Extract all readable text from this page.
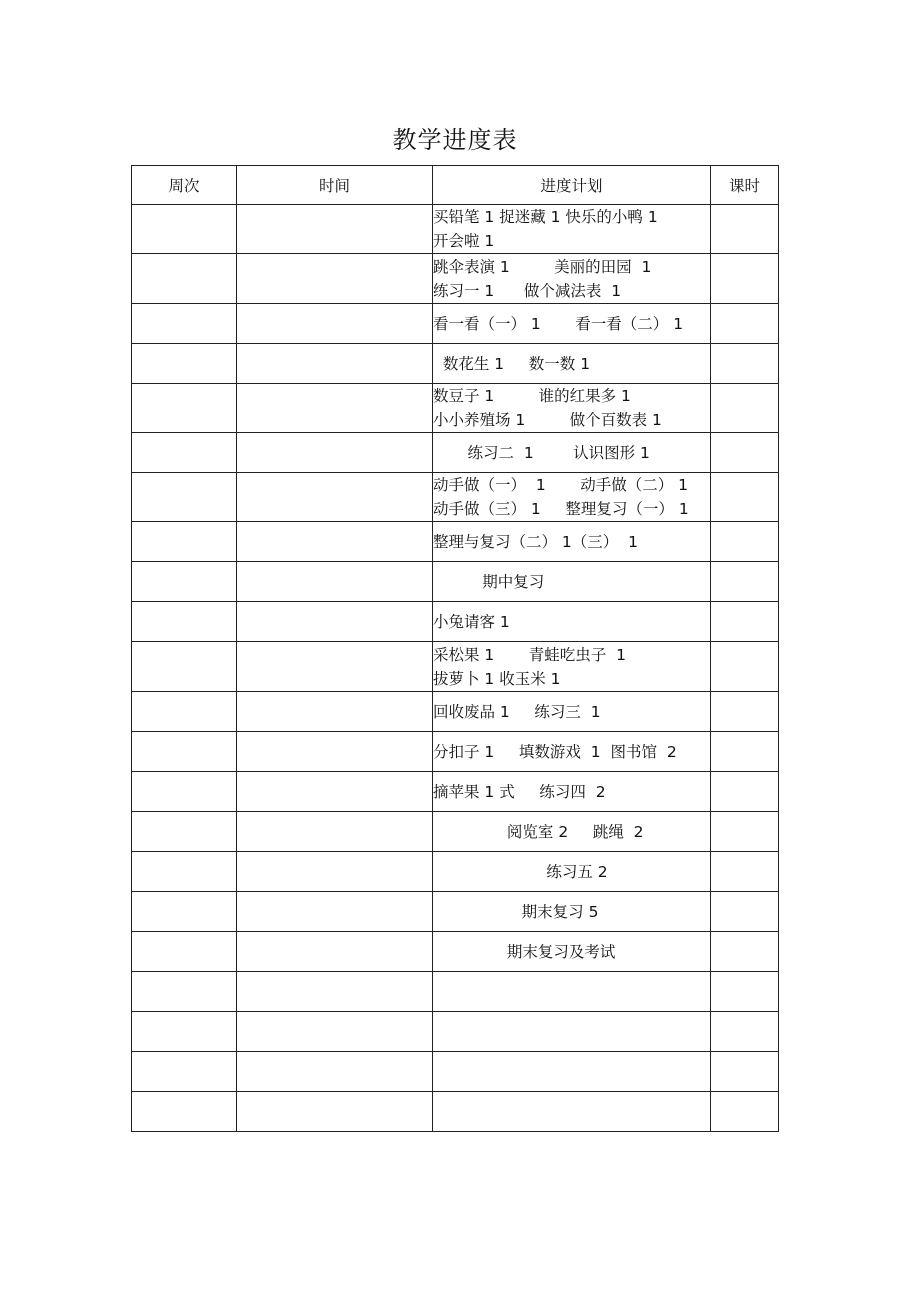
教学进度表
周次	时间	进度计划	课时

		买铅笔 1 捉迷藏 1 快乐的小鸭 1
开会啦 1	

		跳伞表演 1         美丽的田园  1
练习一 1      做个减法表  1	

		看一看（一） 1       看一看（二） 1	

		数花生 1     数一数 1	

		数豆子 1         谁的红果多 1
小小养殖场 1         做个百数表 1	

		练习二  1        认识图形 1	

		动手做（一）  1       动手做（二） 1
动手做（三） 1     整理复习（一） 1	

		整理与复习（二） 1（三）  1	

		期中复习	

		小兔请客 1	

		采松果 1       青蛙吃虫子  1
拔萝卜 1 收玉米 1	

		回收废品 1     练习三  1	

		分扣子 1     填数游戏  1  图书馆  2	

		摘苹果 1 式     练习四  2	

		阅览室 2     跳绳  2	

		练习五 2	

		期末复习 5	

		期末复习及考试	
